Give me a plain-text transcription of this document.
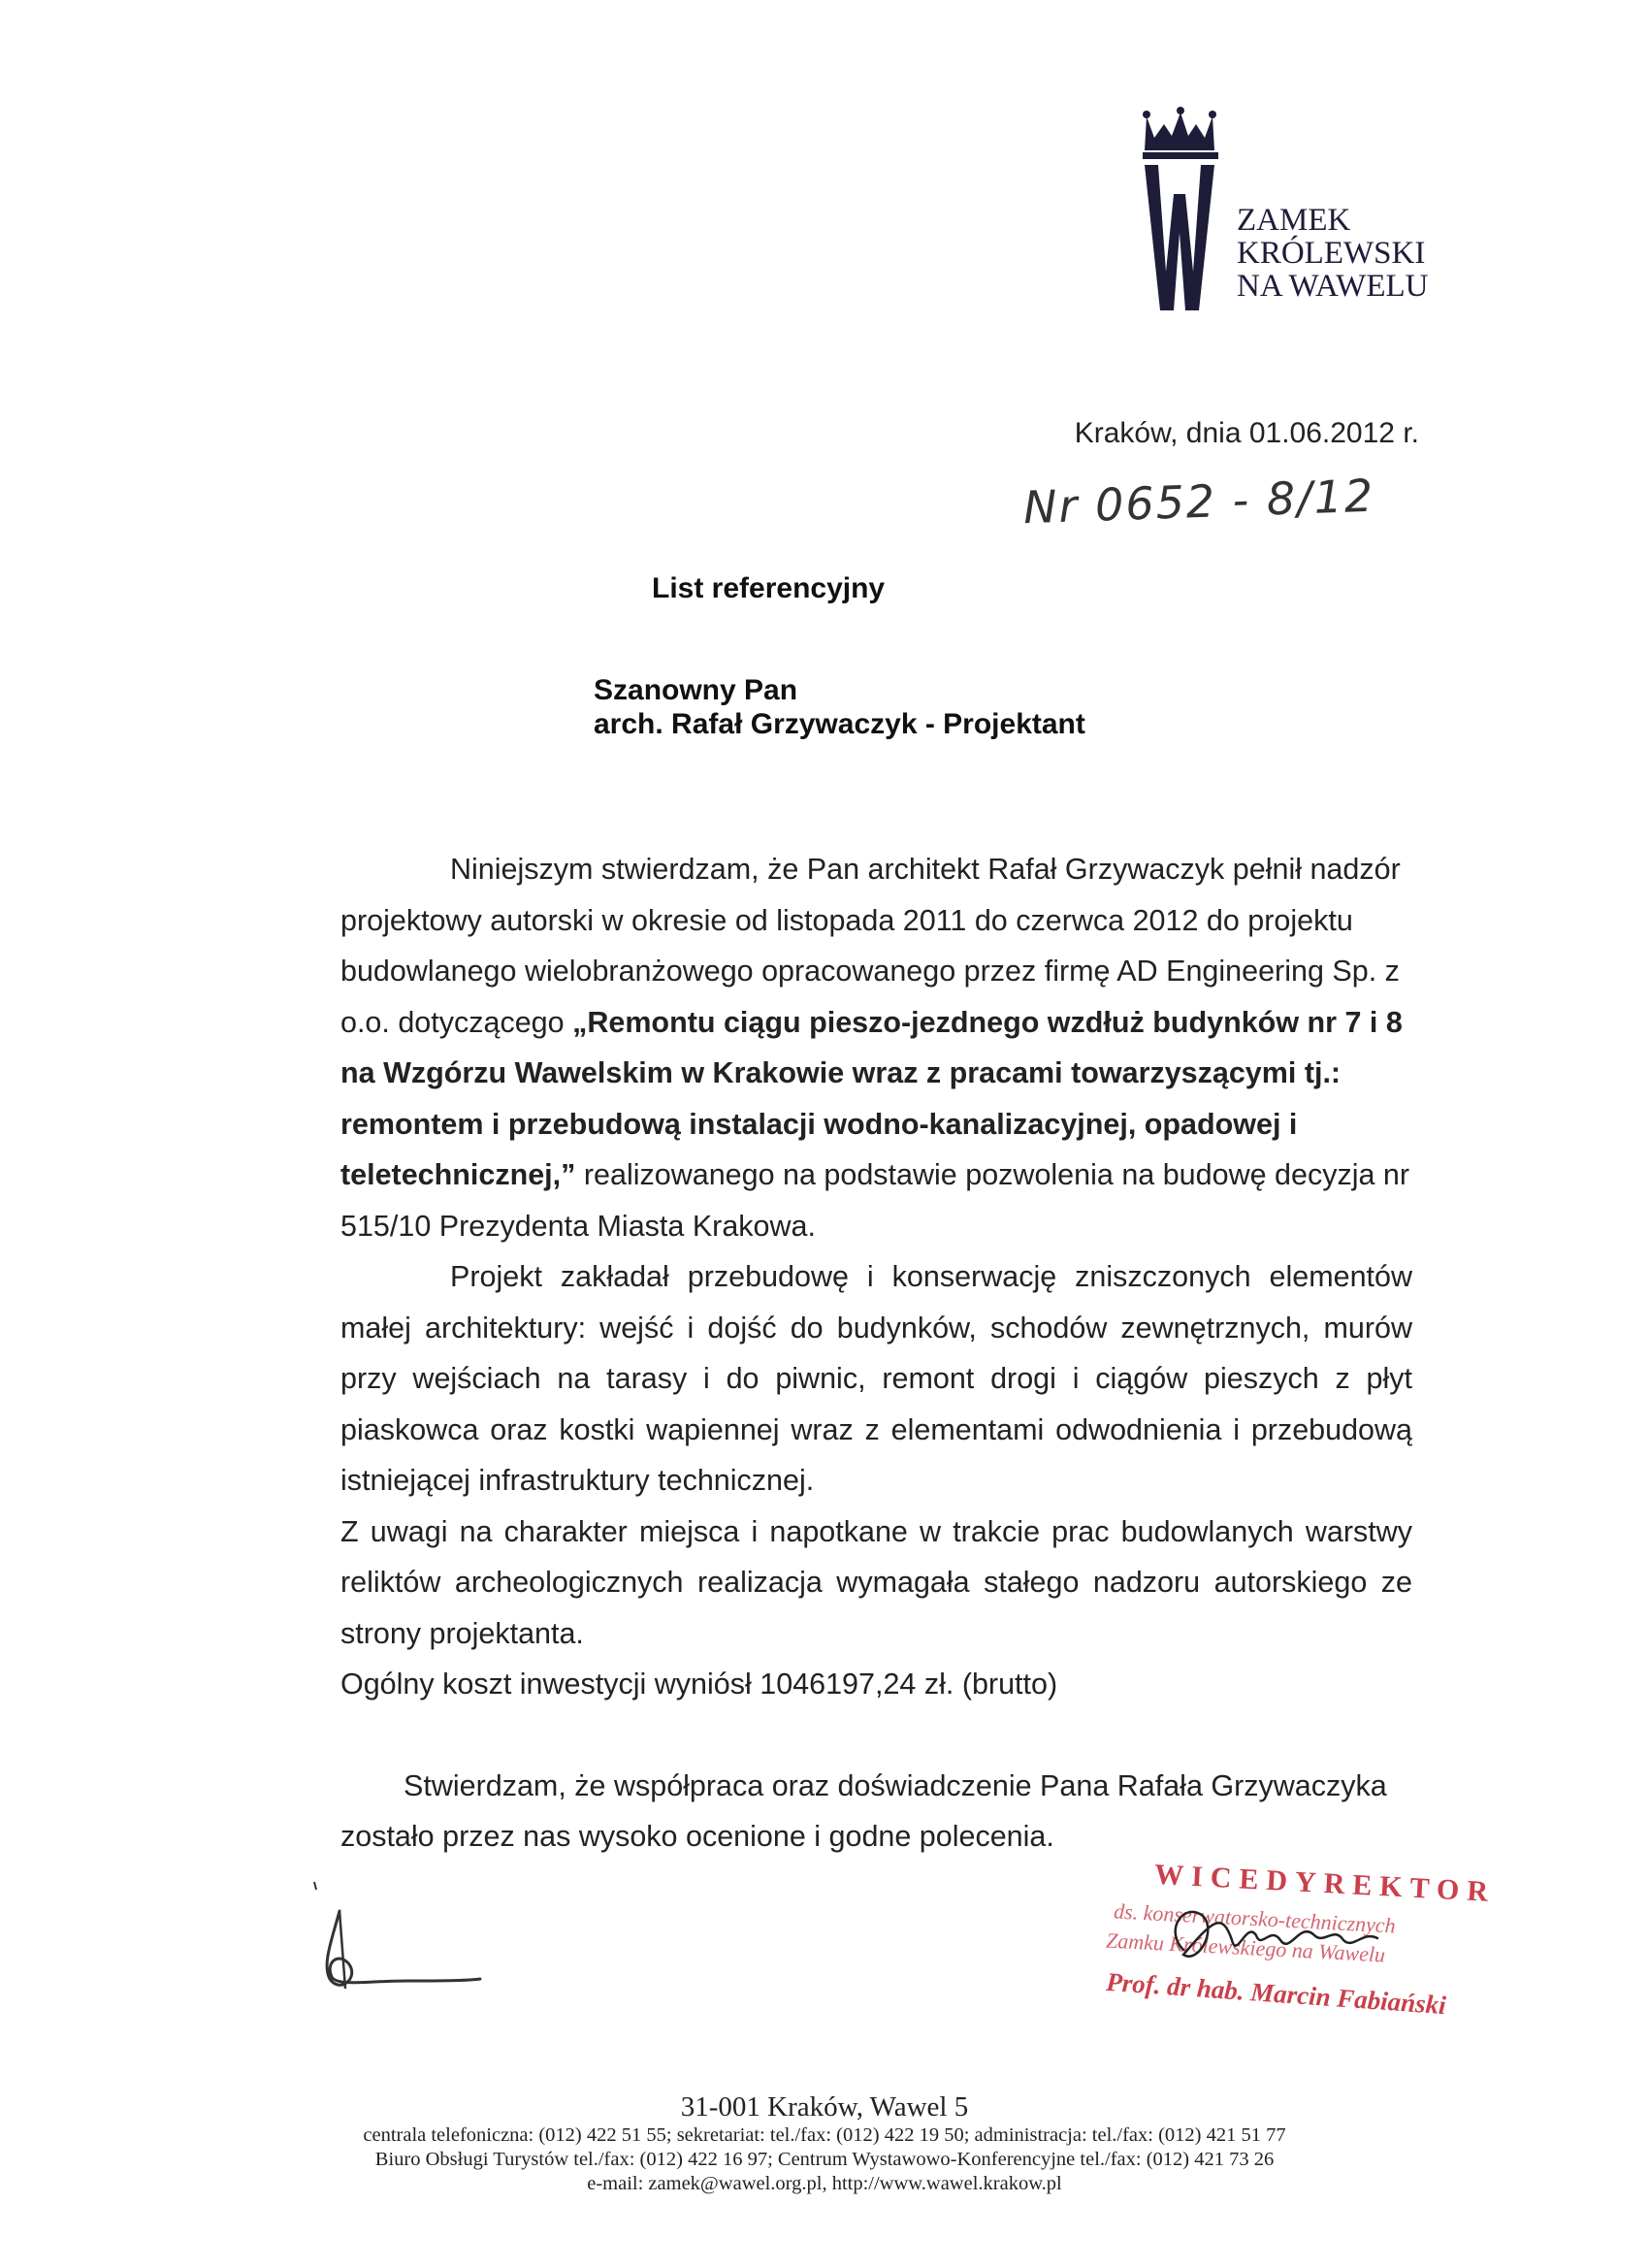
ZAMEK
KRÓLEWSKI
NA WAWELU
Kraków, dnia 01.06.2012 r.
Nr 0652 - 8/12
List referencyjny
Szanowny Pan
arch. Rafał Grzywaczyk - Projektant

Niniejszym stwierdzam, że Pan architekt Rafał Grzywaczyk pełnił nadzór projektowy autorski w okresie od listopada 2011 do czerwca 2012 do projektu budowlanego wielobranżowego opracowanego przez firmę AD Engineering Sp. z o.o. dotyczącego „Remontu ciągu pieszo-jezdnego wzdłuż budynków nr 7 i 8 na Wzgórzu Wawelskim w Krakowie wraz z pracami towarzyszącymi tj.: remontem i przebudową instalacji wodno-kanalizacyjnej, opadowej i teletechnicznej,” realizowanego na podstawie pozwolenia na budowę decyzja nr 515/10 Prezydenta Miasta Krakowa.

Projekt zakładał przebudowę i konserwację zniszczonych elementów małej architektury: wejść i dojść do budynków, schodów zewnętrznych, murów przy wejściach na tarasy i do piwnic, remont drogi i ciągów pieszych z płyt piaskowca oraz kostki wapiennej wraz z elementami odwodnienia i przebudową istniejącej infrastruktury technicznej.

Z uwagi na charakter miejsca i napotkane w trakcie prac budowlanych warstwy reliktów archeologicznych realizacja wymagała stałego nadzoru autorskiego ze strony projektanta.

Ogólny koszt inwestycji wyniósł 1046197,24 zł. (brutto)

Stwierdzam, że współpraca oraz doświadczenie Pana Rafała Grzywaczyka zostało przez nas wysoko ocenione i godne polecenia.

WICEDYREKTOR
ds. konserwatorsko-technicznych
Zamku Królewskiego na Wawelu
Prof. dr hab. Marcin Fabiański
31-001 Kraków, Wawel 5
centrala telefoniczna: (012) 422 51 55; sekretariat: tel./fax: (012) 422 19 50; administracja: tel./fax: (012) 421 51 77
Biuro Obsługi Turystów tel./fax: (012) 422 16 97; Centrum Wystawowo-Konferencyjne tel./fax: (012) 421 73 26
e-mail: zamek@wawel.org.pl, http://www.wawel.krakow.pl
